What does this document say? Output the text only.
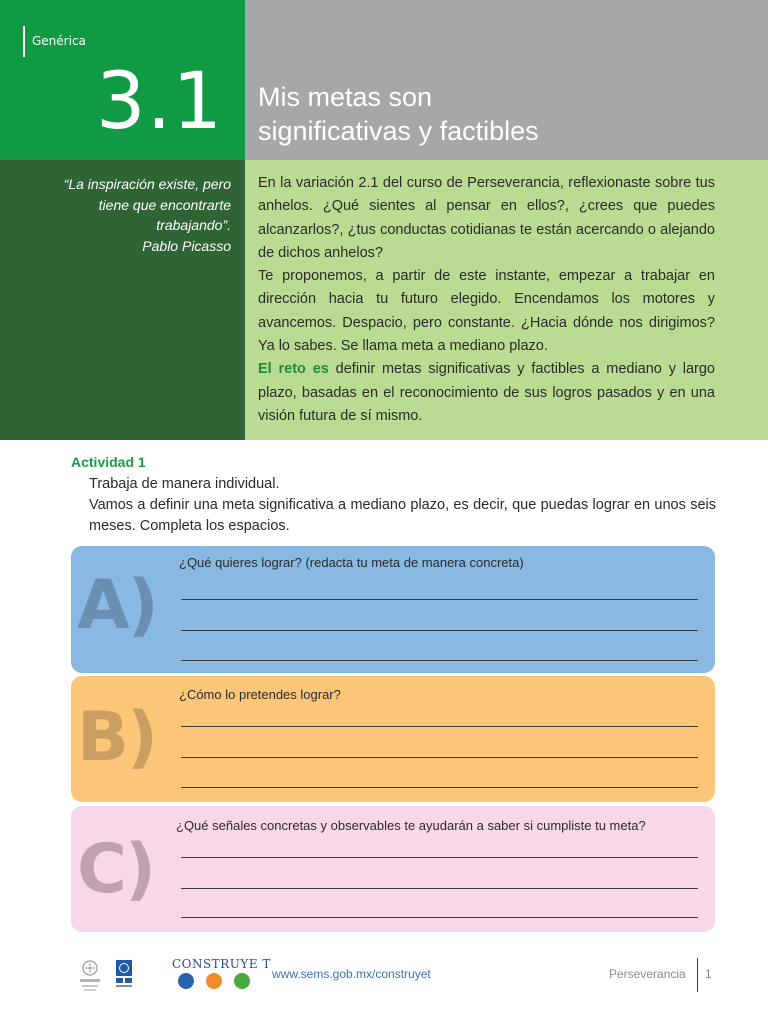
Genérica
3.1 Mis metas son
significativas y factibles
“La inspiración existe, pero
tiene que encontrarte
trabajando”.
Pablo Picasso

En la variación 2.1 del curso de Perseverancia, reflexionaste sobre tus anhelos. ¿Qué sientes al pensar en ellos?, ¿crees que puedes alcanzarlos?, ¿tus conductas cotidianas te están acercando o alejando de dichos anhelos?

Te proponemos, a partir de este instante, empezar a trabajar en dirección hacia tu futuro elegido. Encendamos los motores y avancemos. Despacio, pero constante. ¿Hacia dónde nos dirigimos? Ya lo sabes. Se llama meta a mediano plazo.

El reto es definir metas significativas y factibles a mediano y largo plazo, basadas en el reconocimiento de sus logros pasados y en una visión futura de sí mismo.

Actividad 1

Trabaja de manera individual.

Vamos a definir una meta significativa a mediano plazo, es decir, que puedas lograr en unos seis meses. Completa los espacios.

A)
¿Qué quieres lograr? (redacta tu meta de manera concreta)
B)
¿Cómo lo pretendes lograr?
C)
¿Qué señales concretas y observables te ayudarán a saber si cumpliste tu meta?
CONSTRUYE T
www.sems.gob.mx/construyet	Perseverancia 1
